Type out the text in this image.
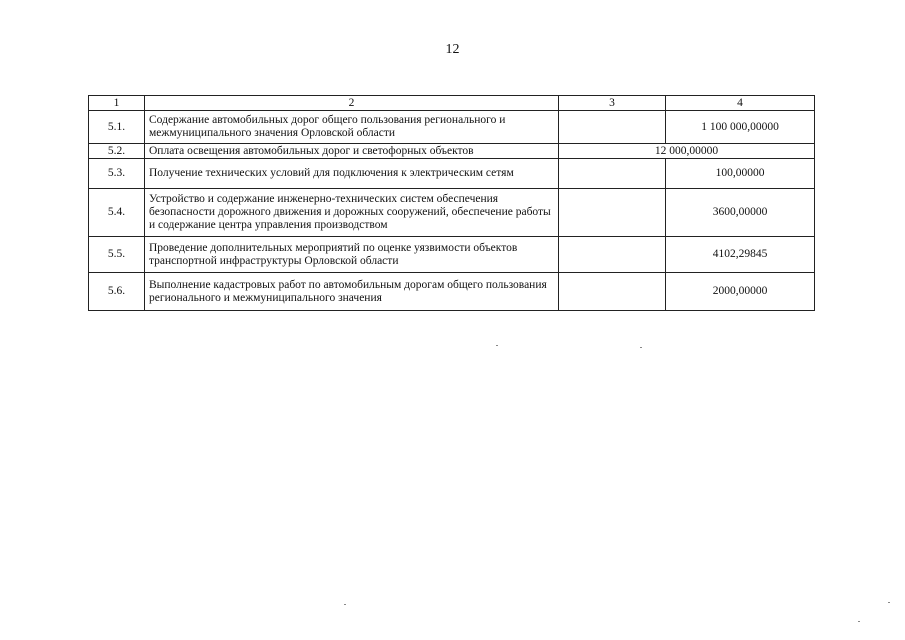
12
1	2	3	4
5.1.	Содержание автомобильных дорог общего пользования регионального и межмуниципального значения Орловской области		1 100 000,00000
5.2.	Оплата освещения автомобильных дорог и светофорных объектов	12 000,00000	
5.3.	Получение технических условий для подключения к электрическим сетям		100,00000
5.4.	Устройство и содержание инженерно-технических систем обеспечения безопасности дорожного движения и дорожных сооружений, обеспечение работы и содержание центра управления производством		3600,00000
5.5.	Проведение дополнительных мероприятий по оценке уязвимости объектов транспортной инфраструктуры Орловской области		4102,29845
5.6.	Выполнение кадастровых работ по автомобильным дорогам общего пользования регионального и межмуниципального значения		2000,00000
